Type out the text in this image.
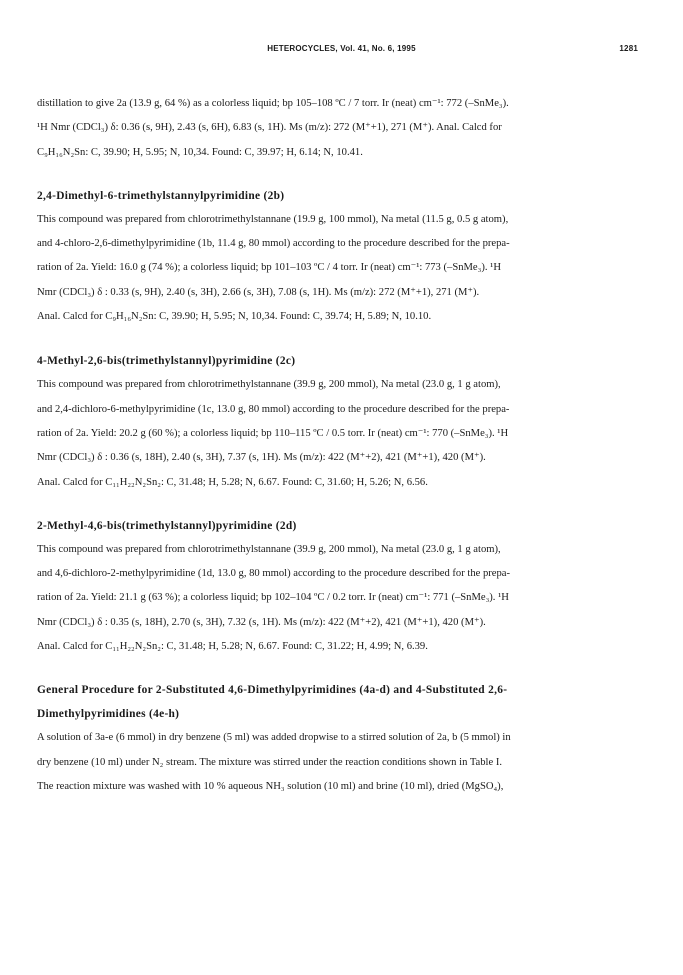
HETEROCYCLES, Vol. 41, No. 6, 1995	1281

distillation to give 2a (13.9 g, 64 %) as a colorless liquid; bp 105–108 ºC / 7 torr. Ir (neat) cm⁻¹: 772 (–SnMe₃).

¹H Nmr (CDCl₃) δ: 0.36 (s, 9H), 2.43 (s, 6H), 6.83 (s, 1H). Ms (m/z): 272 (M⁺+1), 271 (M⁺). Anal. Calcd for

C₉H₁₆N₂Sn: C, 39.90; H, 5.95; N, 10,34. Found: C, 39.97; H, 6.14; N, 10.41.

2,4-Dimethyl-6-trimethylstannylpyrimidine (2b)

This compound was prepared from chlorotrimethylstannane (19.9 g, 100 mmol), Na metal (11.5 g, 0.5 g atom),

and 4-chloro-2,6-dimethylpyrimidine (1b, 11.4 g, 80 mmol) according to the procedure described for the prepa-

ration of 2a. Yield: 16.0 g (74 %); a colorless liquid; bp 101–103 ºC / 4 torr. Ir (neat) cm⁻¹: 773 (–SnMe₃). ¹H

Nmr (CDCl₃) δ : 0.33 (s, 9H), 2.40 (s, 3H), 2.66 (s, 3H), 7.08 (s, 1H). Ms (m/z): 272 (M⁺+1), 271 (M⁺).

Anal. Calcd for C₉H₁₆N₂Sn: C, 39.90; H, 5.95; N, 10,34. Found: C, 39.74; H, 5.89; N, 10.10.

4-Methyl-2,6-bis(trimethylstannyl)pyrimidine (2c)

This compound was prepared from chlorotrimethylstannane (39.9 g, 200 mmol), Na metal (23.0 g, 1 g atom),

and 2,4-dichloro-6-methylpyrimidine (1c, 13.0 g, 80 mmol) according to the procedure described for the prepa-

ration of 2a. Yield: 20.2 g (60 %); a colorless liquid; bp 110–115 ºC / 0.5 torr. Ir (neat) cm⁻¹: 770 (–SnMe₃). ¹H

Nmr (CDCl₃) δ : 0.36 (s, 18H), 2.40 (s, 3H), 7.37 (s, 1H). Ms (m/z): 422 (M⁺+2), 421 (M⁺+1), 420 (M⁺).

Anal. Calcd for C₁₁H₂₂N₂Sn₂: C, 31.48; H, 5.28; N, 6.67. Found: C, 31.60; H, 5.26; N, 6.56.

2-Methyl-4,6-bis(trimethylstannyl)pyrimidine (2d)

This compound was prepared from chlorotrimethylstannane (39.9 g, 200 mmol), Na metal (23.0 g, 1 g atom),

and 4,6-dichloro-2-methylpyrimidine (1d, 13.0 g, 80 mmol) according to the procedure described for the prepa-

ration of 2a. Yield: 21.1 g (63 %); a colorless liquid; bp 102–104 ºC / 0.2 torr. Ir (neat) cm⁻¹: 771 (–SnMe₃). ¹H

Nmr (CDCl₃) δ : 0.35 (s, 18H), 2.70 (s, 3H), 7.32 (s, 1H). Ms (m/z): 422 (M⁺+2), 421 (M⁺+1), 420 (M⁺).

Anal. Calcd for C₁₁H₂₂N₂Sn₂: C, 31.48; H, 5.28; N, 6.67. Found: C, 31.22; H, 4.99; N, 6.39.

General Procedure for 2-Substituted 4,6-Dimethylpyrimidines (4a-d) and 4-Substituted 2,6-
Dimethylpyrimidines (4e-h)

A solution of 3a-e (6 mmol) in dry benzene (5 ml) was added dropwise to a stirred solution of 2a, b (5 mmol) in

dry benzene (10 ml) under N₂ stream. The mixture was stirred under the reaction conditions shown in Table I.

The reaction mixture was washed with 10 % aqueous NH₃ solution (10 ml) and brine (10 ml), dried (MgSO₄),
